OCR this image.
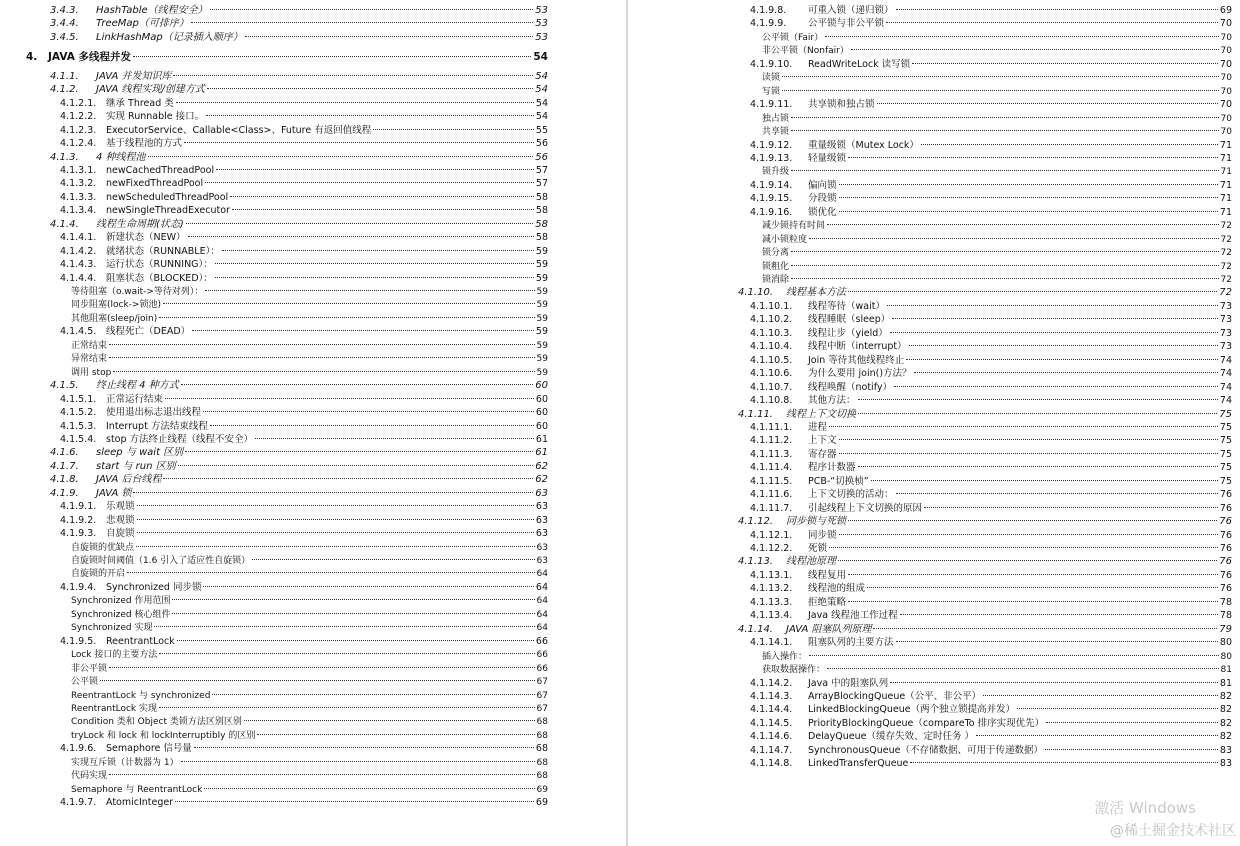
3.4.3.	HashTable（线程安全）	53
3.4.4.	TreeMap（可排序）	53
3.4.5.	LinkHashMap（记录插入顺序）	53
4.	JAVA 多线程并发	54
4.1.1.	JAVA 并发知识库	54
4.1.2.	JAVA 线程实现/创建方式	54
4.1.2.1.	继承 Thread 类	54
4.1.2.2.	实现 Runnable 接口。	54
4.1.2.3.	ExecutorService、Callable<Class>、Future 有返回值线程	55
4.1.2.4.	基于线程池的方式	56
4.1.3.	4 种线程池	56
4.1.3.1.	newCachedThreadPool	57
4.1.3.2.	newFixedThreadPool	57
4.1.3.3.	newScheduledThreadPool	58
4.1.3.4.	newSingleThreadExecutor	58
4.1.4.	线程生命周期(状态)	58
4.1.4.1.	新建状态（NEW）	58
4.1.4.2.	就绪状态（RUNNABLE）：	59
4.1.4.3.	运行状态（RUNNING）：	59
4.1.4.4.	阻塞状态（BLOCKED）：	59
等待阻塞（o.wait->等待对列）：	59
同步阻塞(lock->锁池)	59
其他阻塞(sleep/join)	59
4.1.4.5.	线程死亡（DEAD）	59
正常结束	59
异常结束	59
调用 stop	59
4.1.5.	终止线程 4 种方式	60
4.1.5.1.	正常运行结束	60
4.1.5.2.	使用退出标志退出线程	60
4.1.5.3.	Interrupt 方法结束线程	60
4.1.5.4.	stop 方法终止线程（线程不安全）	61
4.1.6.	sleep 与 wait 区别	61
4.1.7.	start 与 run 区别	62
4.1.8.	JAVA 后台线程	62
4.1.9.	JAVA 锁	63
4.1.9.1.	乐观锁	63
4.1.9.2.	悲观锁	63
4.1.9.3.	自旋锁	63
自旋锁的优缺点	63
自旋锁时间阈值（1.6 引入了适应性自旋锁）	63
自旋锁的开启	64
4.1.9.4.	Synchronized 同步锁	64
Synchronized 作用范围	64
Synchronized 核心组件	64
Synchronized 实现	64
4.1.9.5.	ReentrantLock	66
Lock 接口的主要方法	66
非公平锁	66
公平锁	67
ReentrantLock 与 synchronized	67
ReentrantLock 实现	67
Condition 类和 Object 类锁方法区别区别	68
tryLock 和 lock 和 lockInterruptibly 的区别	68
4.1.9.6.	Semaphore 信号量	68
实现互斥锁（计数器为 1）	68
代码实现	68
Semaphore 与 ReentrantLock	69
4.1.9.7.	AtomicInteger	69
4.1.9.8.	可重入锁（递归锁）	69
4.1.9.9.	公平锁与非公平锁	70
公平锁（Fair）	70
非公平锁（Nonfair）	70
4.1.9.10.	ReadWriteLock 读写锁	70
读锁	70
写锁	70
4.1.9.11.	共享锁和独占锁	70
独占锁	70
共享锁	70
4.1.9.12.	重量级锁（Mutex Lock）	71
4.1.9.13.	轻量级锁	71
锁升级	71
4.1.9.14.	偏向锁	71
4.1.9.15.	分段锁	71
4.1.9.16.	锁优化	71
减少锁持有时间	72
减小锁粒度	72
锁分离	72
锁粗化	72
锁消除	72
4.1.10.	线程基本方法	72
4.1.10.1.	线程等待（wait）	73
4.1.10.2.	线程睡眠（sleep）	73
4.1.10.3.	线程让步（yield）	73
4.1.10.4.	线程中断（interrupt）	73
4.1.10.5.	Join 等待其他线程终止	74
4.1.10.6.	为什么要用 join()方法？	74
4.1.10.7.	线程唤醒（notify）	74
4.1.10.8.	其他方法：	74
4.1.11.	线程上下文切换	75
4.1.11.1.	进程	75
4.1.11.2.	上下文	75
4.1.11.3.	寄存器	75
4.1.11.4.	程序计数器	75
4.1.11.5.	PCB-“切换桢”	75
4.1.11.6.	上下文切换的活动：	76
4.1.11.7.	引起线程上下文切换的原因	76
4.1.12.	同步锁与死锁	76
4.1.12.1.	同步锁	76
4.1.12.2.	死锁	76
4.1.13.	线程池原理	76
4.1.13.1.	线程复用	76
4.1.13.2.	线程池的组成	76
4.1.13.3.	拒绝策略	78
4.1.13.4.	Java 线程池工作过程	78
4.1.14.	JAVA 阻塞队列原理	79
4.1.14.1.	阻塞队列的主要方法	80
插入操作：	80
获取数据操作：	81
4.1.14.2.	Java 中的阻塞队列	81
4.1.14.3.	ArrayBlockingQueue（公平、非公平）	82
4.1.14.4.	LinkedBlockingQueue（两个独立锁提高并发）	82
4.1.14.5.	PriorityBlockingQueue（compareTo 排序实现优先）	82
4.1.14.6.	DelayQueue（缓存失效、定时任务 ）	82
4.1.14.7.	SynchronousQueue（不存储数据、可用于传递数据）	83
4.1.14.8.	LinkedTransferQueue	83
激活 Windows
@稀土掘金技术社区
